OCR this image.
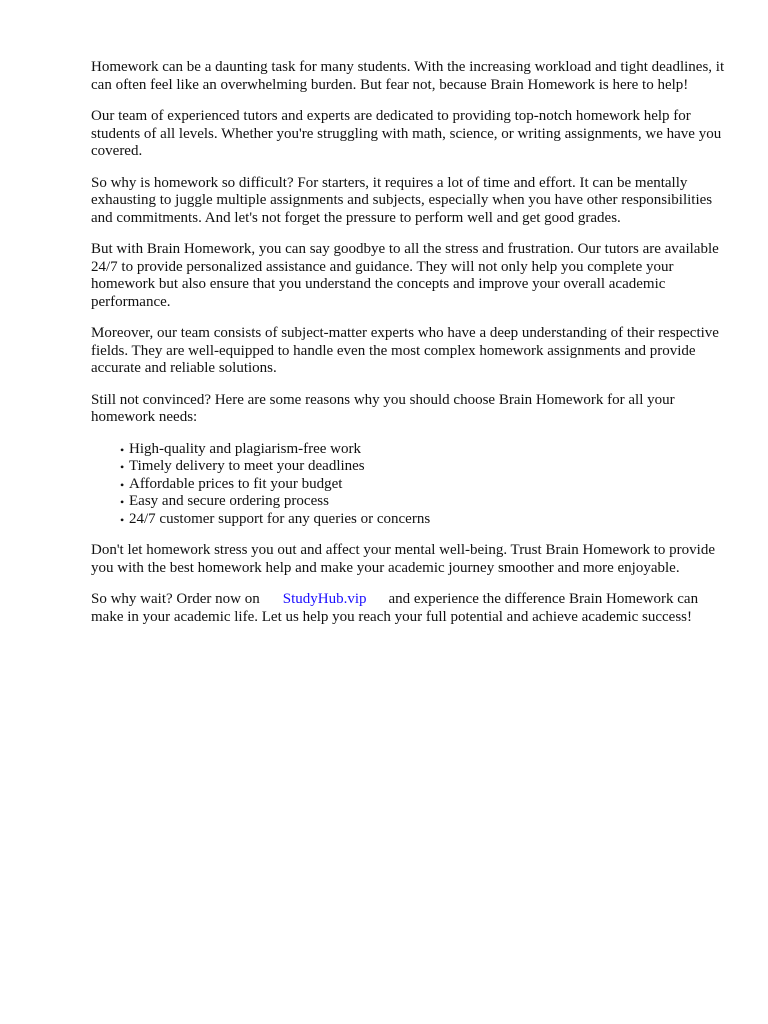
Homework can be a daunting task for many students. With the increasing workload and tight deadlines, it can often feel like an overwhelming burden. But fear not, because Brain Homework is here to help!

Our team of experienced tutors and experts are dedicated to providing top-notch homework help for students of all levels. Whether you're struggling with math, science, or writing assignments, we have you covered.

So why is homework so difficult? For starters, it requires a lot of time and effort. It can be mentally exhausting to juggle multiple assignments and subjects, especially when you have other responsibilities and commitments. And let's not forget the pressure to perform well and get good grades.

But with Brain Homework, you can say goodbye to all the stress and frustration. Our tutors are available 24/7 to provide personalized assistance and guidance. They will not only help you complete your homework but also ensure that you understand the concepts and improve your overall academic performance.

Moreover, our team consists of subject-matter experts who have a deep understanding of their respective fields. They are well-equipped to handle even the most complex homework assignments and provide accurate and reliable solutions.

Still not convinced? Here are some reasons why you should choose Brain Homework for all your homework needs:

• High-quality and plagiarism-free work
• Timely delivery to meet your deadlines
• Affordable prices to fit your budget
• Easy and secure ordering process
• 24/7 customer support for any queries or concerns

Don't let homework stress you out and affect your mental well-being. Trust Brain Homework to provide you with the best homework help and make your academic journey smoother and more enjoyable.

So why wait? Order now on StudyHub.vip and experience the difference Brain Homework can make in your academic life. Let us help you reach your full potential and achieve academic success!
